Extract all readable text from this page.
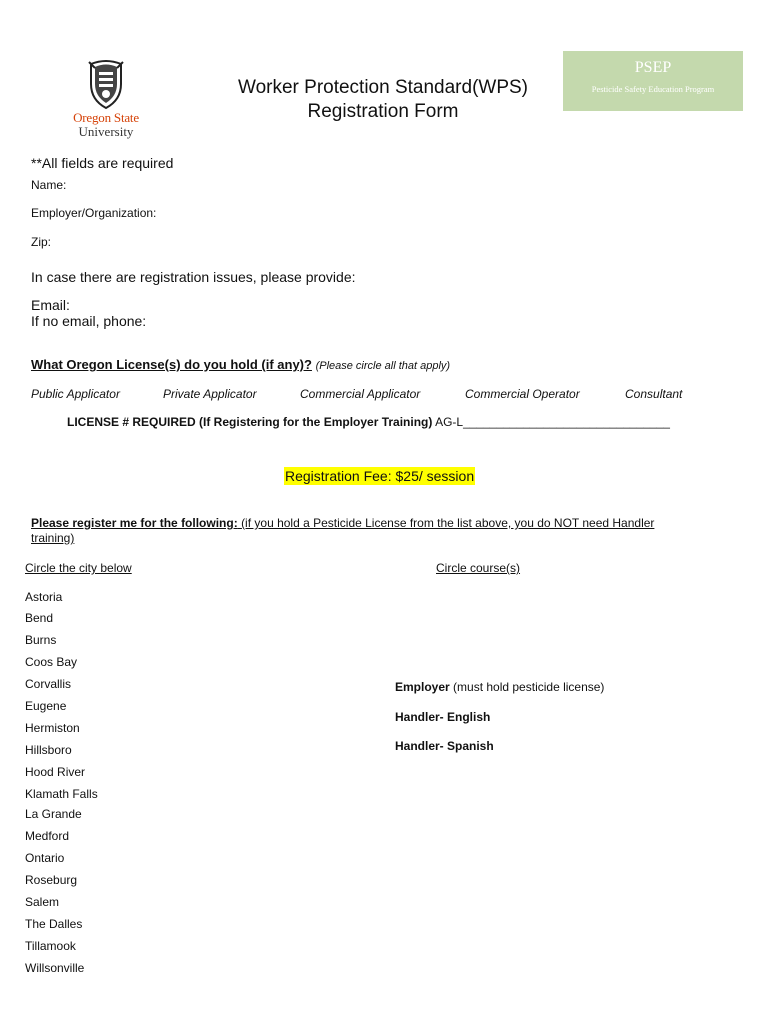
Oregon State
University
Worker Protection Standard(WPS)
Registration Form
PSEP
Pesticide Safety Education Program
**All fields are required
Name:
Employer/Organization:
Zip:
In case there are registration issues, please provide:
Email:
If no email, phone:
What Oregon License(s) do you hold (if any)? (Please circle all that apply)
Public Applicator	Private Applicator	Commercial Applicator	Commercial Operator	Consultant
LICENSE # REQUIRED (If Registering for the Employer Training) AG-L_______________________________
Registration Fee: $25/ session
Please register me for the following: (if you hold a Pesticide License from the list above, you do NOT need Handler training)
Circle the city below	Circle course(s)
Astoria
Bend
Burns
Coos Bay
Corvallis
Eugene
Hermiston
Hillsboro
Hood River
Klamath Falls
La Grande
Medford
Ontario
Roseburg
Salem
The Dalles
Tillamook
Willsonville
Employer (must hold pesticide license)
Handler- English
Handler- Spanish
